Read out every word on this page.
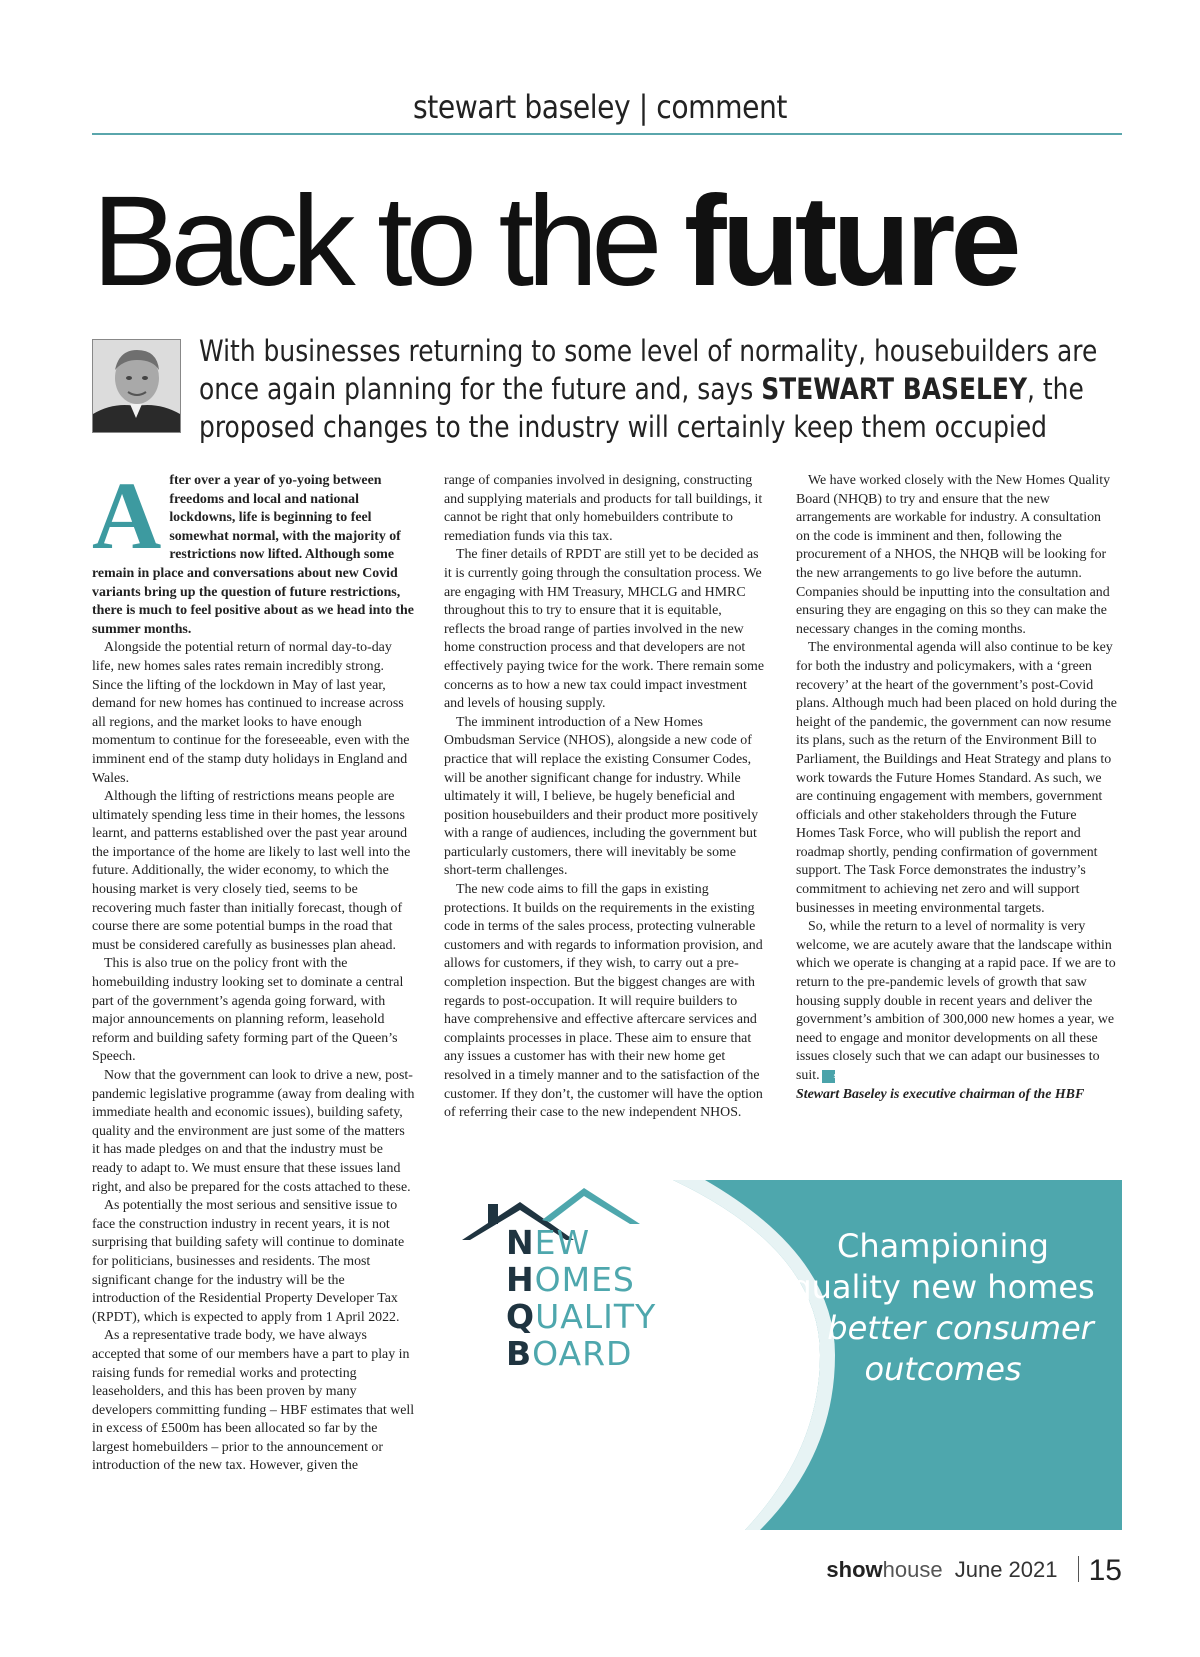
stewart baseley | comment
Back to the future
With businesses returning to some level of normality, housebuilders are once again planning for the future and, says STEWART BASELEY, the proposed changes to the industry will certainly keep them occupied

After over a year of yo-yoing between freedoms and local and national lockdowns, life is beginning to feel somewhat normal, with the majority of restrictions now lifted. Although some remain in place and conversations about new Covid variants bring up the question of future restrictions, there is much to feel positive about as we head into the summer months.

Alongside the potential return of normal day-to-day life, new homes sales rates remain incredibly strong. Since the lifting of the lockdown in May of last year, demand for new homes has continued to increase across all regions, and the market looks to have enough momentum to continue for the foreseeable, even with the imminent end of the stamp duty holidays in England and Wales.

Although the lifting of restrictions means people are ultimately spending less time in their homes, the lessons learnt, and patterns established over the past year around the importance of the home are likely to last well into the future. Additionally, the wider economy, to which the housing market is very closely tied, seems to be recovering much faster than initially forecast, though of course there are some potential bumps in the road that must be considered carefully as businesses plan ahead.

This is also true on the policy front with the homebuilding industry looking set to dominate a central part of the government’s agenda going forward, with major announcements on planning reform, leasehold reform and building safety forming part of the Queen’s Speech.

Now that the government can look to drive a new, post-pandemic legislative programme (away from dealing with immediate health and economic issues), building safety, quality and the environment are just some of the matters it has made pledges on and that the industry must be ready to adapt to. We must ensure that these issues land right, and also be prepared for the costs attached to these.

As potentially the most serious and sensitive issue to face the construction industry in recent years, it is not surprising that building safety will continue to dominate for politicians, businesses and residents. The most significant change for the industry will be the introduction of the Residential Property Developer Tax (RPDT), which is expected to apply from 1 April 2022.

As a representative trade body, we have always accepted that some of our members have a part to play in raising funds for remedial works and protecting leaseholders, and this has been proven by many developers committing funding – HBF estimates that well in excess of £500m has been allocated so far by the largest homebuilders – prior to the announcement or introduction of the new tax. However, given the

range of companies involved in designing, constructing and supplying materials and products for tall buildings, it cannot be right that only homebuilders contribute to remediation funds via this tax.

The finer details of RPDT are still yet to be decided as it is currently going through the consultation process. We are engaging with HM Treasury, MHCLG and HMRC throughout this to try to ensure that it is equitable, reflects the broad range of parties involved in the new home construction process and that developers are not effectively paying twice for the work. There remain some concerns as to how a new tax could impact investment and levels of housing supply.

The imminent introduction of a New Homes Ombudsman Service (NHOS), alongside a new code of practice that will replace the existing Consumer Codes, will be another significant change for industry. While ultimately it will, I believe, be hugely beneficial and position housebuilders and their product more positively with a range of audiences, including the government but particularly customers, there will inevitably be some short-term challenges.

The new code aims to fill the gaps in existing protections. It builds on the requirements in the existing code in terms of the sales process, protecting vulnerable customers and with regards to information provision, and allows for customers, if they wish, to carry out a pre-completion inspection. But the biggest changes are with regards to post-occupation. It will require builders to have comprehensive and effective aftercare services and complaints processes in place. These aim to ensure that any issues a customer has with their new home get resolved in a timely manner and to the satisfaction of the customer. If they don’t, the customer will have the option of referring their case to the new independent NHOS.

We have worked closely with the New Homes Quality Board (NHQB) to try and ensure that the new arrangements are workable for industry. A consultation on the code is imminent and then, following the procurement of a NHOS, the NHQB will be looking for the new arrangements to go live before the autumn. Companies should be inputting into the consultation and ensuring they are engaging on this so they can make the necessary changes in the coming months.

The environmental agenda will also continue to be key for both the industry and policymakers, with a ‘green recovery’ at the heart of the government’s post-Covid plans. Although much had been placed on hold during the height of the pandemic, the government can now resume its plans, such as the return of the Environment Bill to Parliament, the Buildings and Heat Strategy and plans to work towards the Future Homes Standard. As such, we are continuing engagement with members, government officials and other stakeholders through the Future Homes Task Force, who will publish the report and roadmap shortly, pending confirmation of government support. The Task Force demonstrates the industry’s commitment to achieving net zero and will support businesses in meeting environmental targets.

So, while the return to a level of normality is very welcome, we are acutely aware that the landscape within which we operate is changing at a rapid pace. If we are to return to the pre-pandemic levels of growth that saw housing supply double in recent years and deliver the government’s ambition of 300,000 new homes a year, we need to engage and monitor developments on all these issues closely such that we can adapt our businesses to suit. sh

Stewart Baseley is executive chairman of the HBF

NEW
HOMES
QUALITY
BOARD
Championing
quality new homes
& better consumer
outcomes
showhouse June 2021 15
